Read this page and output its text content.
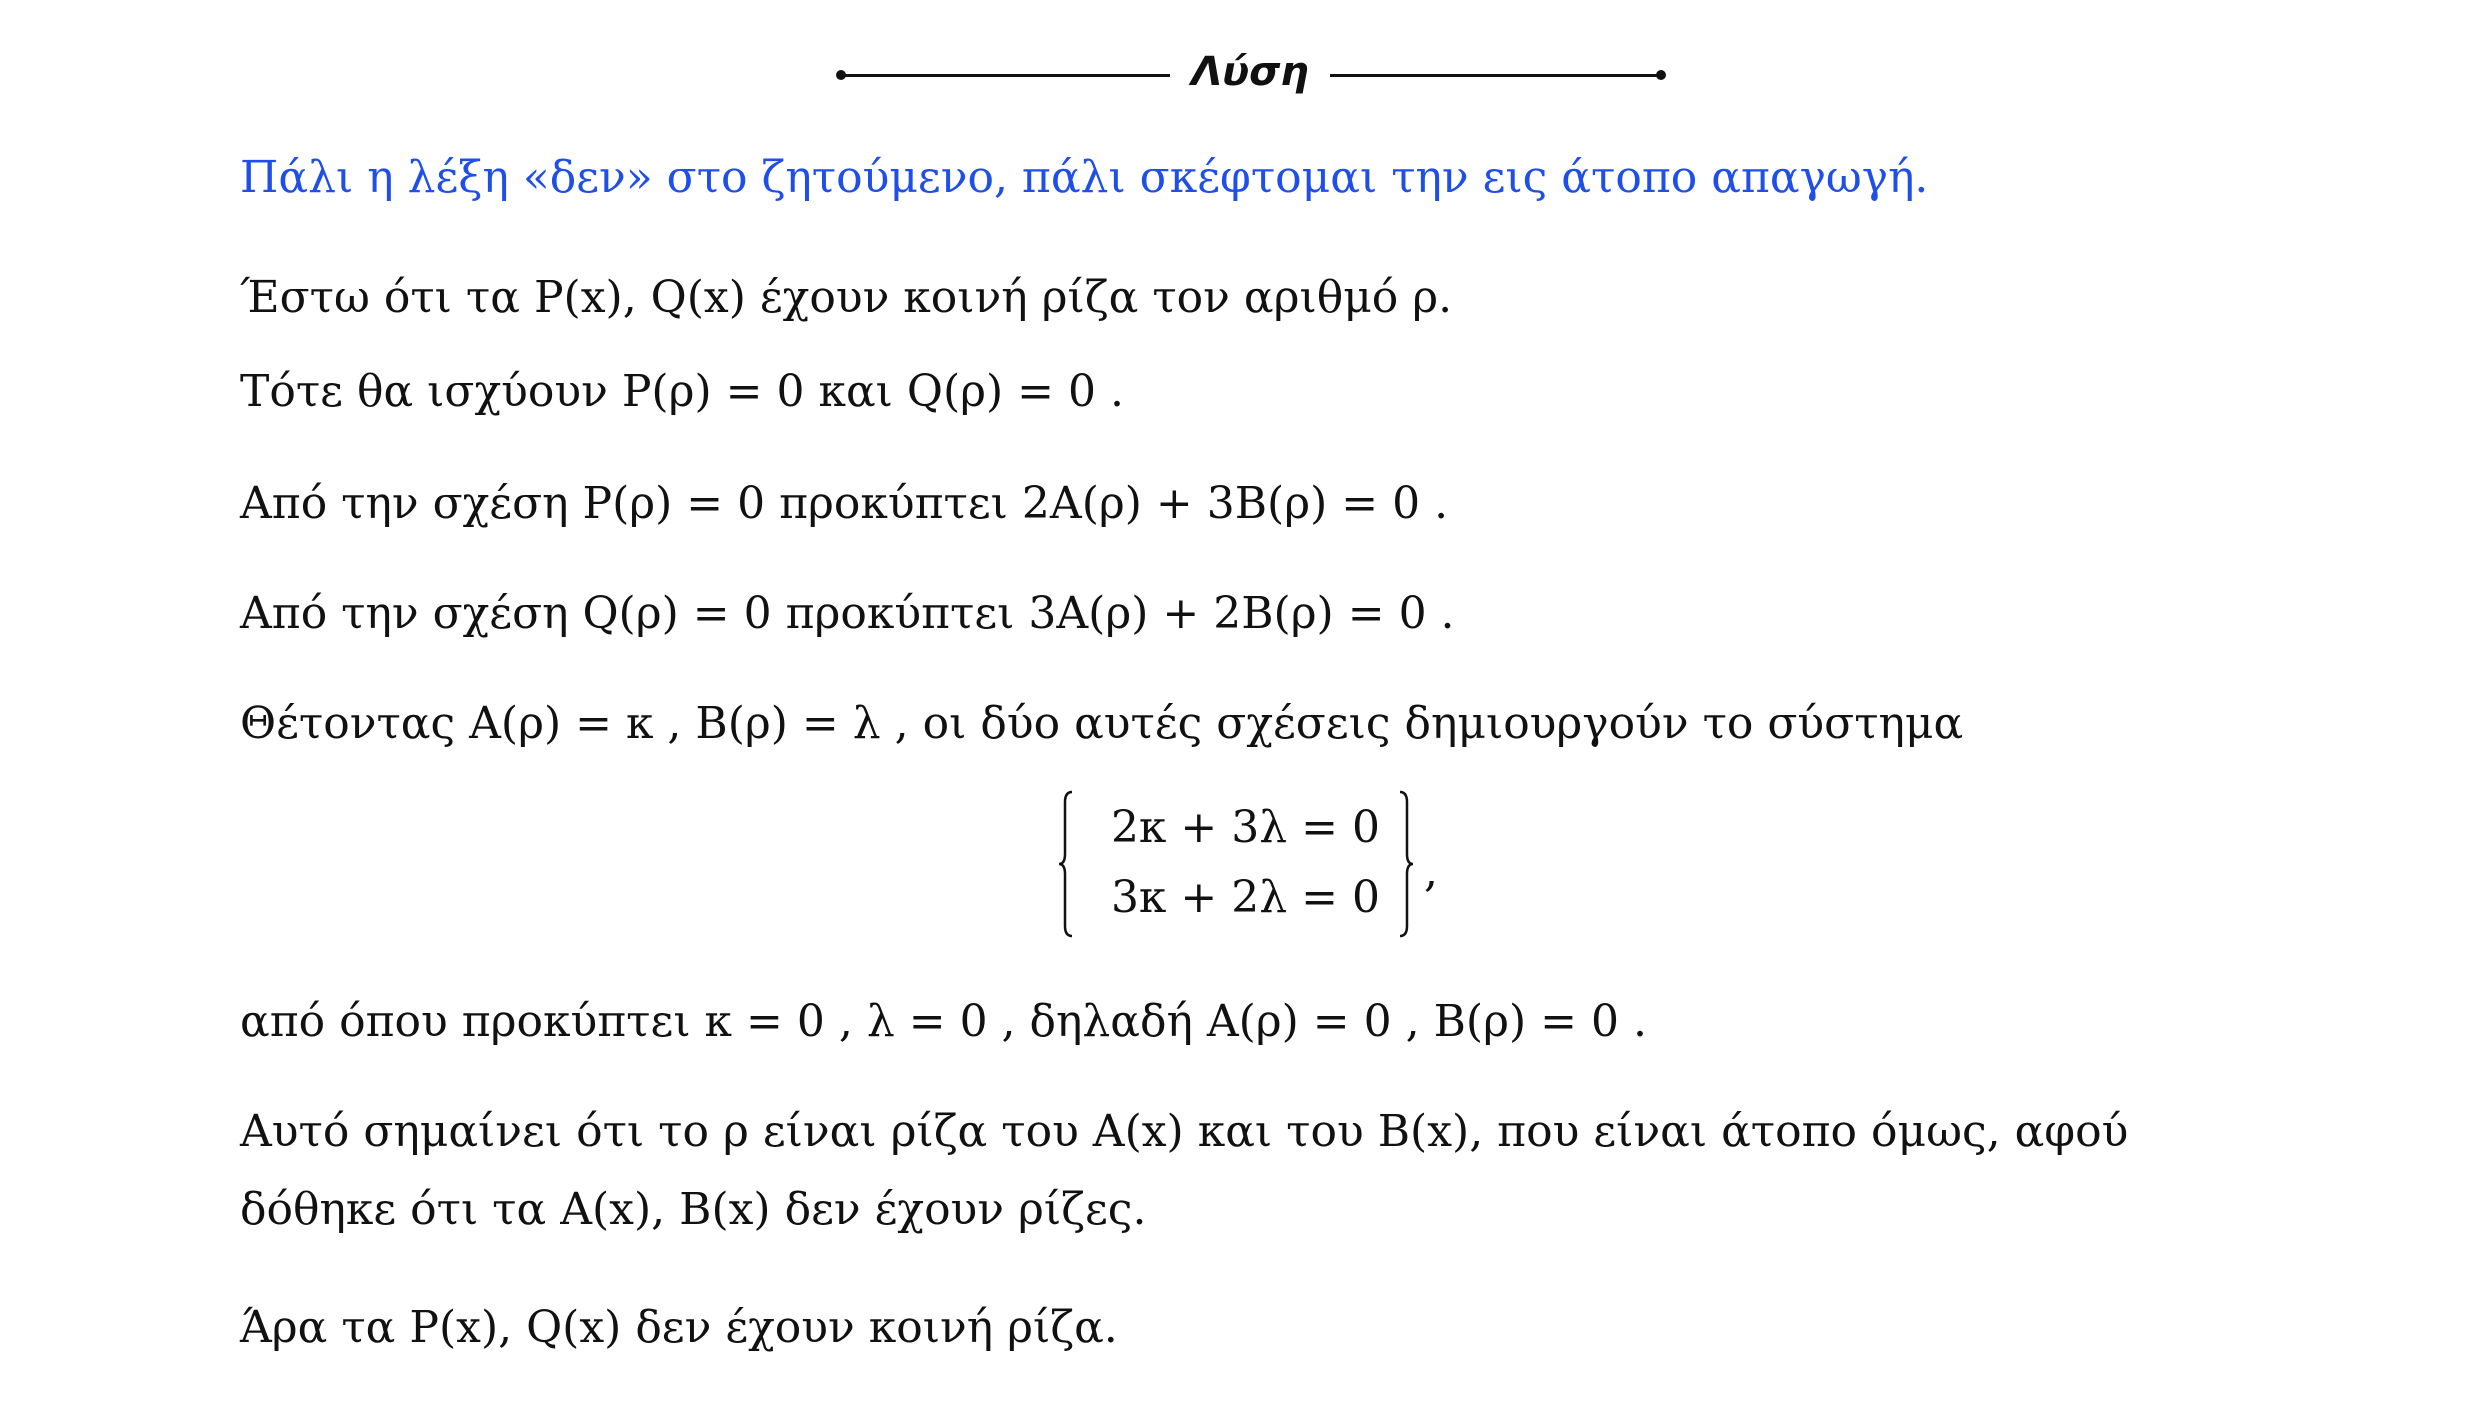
Λύση
Πάλι η λέξη «δεν» στο ζητούμενο, πάλι σκέφτομαι την εις άτοπο απαγωγή.
Έστω ότι τα P(x), Q(x) έχουν κοινή ρίζα τον αριθμό ρ.
Τότε θα ισχύουν P(ρ) = 0 και Q(ρ) = 0 .
Από την σχέση P(ρ) = 0 προκύπτει 2A(ρ) + 3B(ρ) = 0 .
Από την σχέση Q(ρ) = 0 προκύπτει 3A(ρ) + 2B(ρ) = 0 .
Θέτοντας A(ρ) = κ , B(ρ) = λ , οι δύο αυτές σχέσεις δημιουργούν το σύστημα
2κ + 3λ = 0
3κ + 2λ = 0
,
από όπου προκύπτει κ = 0 , λ = 0 , δηλαδή A(ρ) = 0 , B(ρ) = 0 .
Αυτό σημαίνει ότι το ρ είναι ρίζα του A(x) και του B(x), που είναι άτοπο όμως, αφού
δόθηκε ότι τα A(x), B(x) δεν έχουν ρίζες.
Άρα τα P(x), Q(x) δεν έχουν κοινή ρίζα.
